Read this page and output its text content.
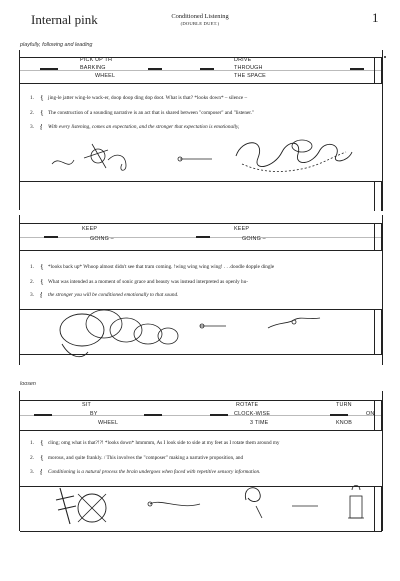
Internal pink	Conditioned Listening
(DOUBLE DUET.)	1
playfully, following and leading
PICK UP TH
BARKING
WHEEL
DRIVE
THROUGH
THE SPACE
1. { jing-le jatter wing-le wack-er, doop doop ding dop doot. What is that? *looks down* – silence –
2. { The construction of a sounding narrative is an act that is shared between "composer" and "listener."
3. { With every listening, comes an expectation, and the stronger that expectation is emotionally,
KEEP
GOING –
KEEP
GOING –
1. { *looks back up* Whoop almost didn't see that tram coming. !wing wing wing wing! . . .doodle dopple dingle
2. { What was intended as a moment of sonic grace and beauty was instead interpreted as openly hu-
3. { the stronger you will be conditioned emotionally to that sound.
loosen
SIT
BY
WHEEL
ROTATE
CLOCK-WISE
3 TIME
TURN
ON
KNOB
1. { cling; omg what is that?!?! *looks down* hmmmm, As I look side to side at my feet as I rotate them around my
2. { morous, and quite frankly. / This involves the "composer" making a narrative proposition, and
3. { Conditioning is a natural process the brain undergoes when faced with repetitive sensory information.
